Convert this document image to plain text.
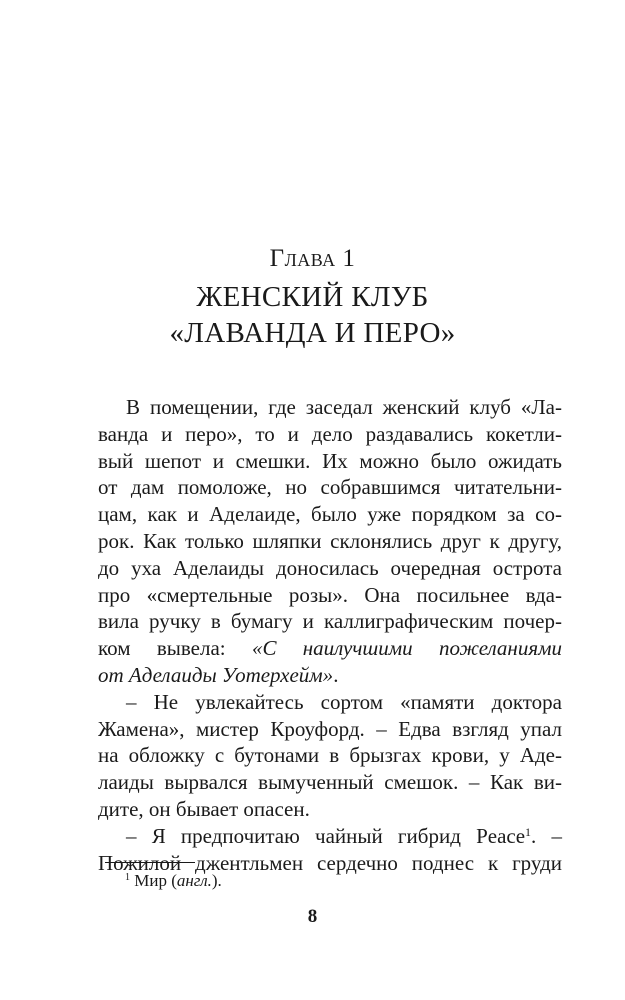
Глава 1
ЖЕНСКИЙ КЛУБ
«ЛАВАНДА И ПЕРО»
В помещении, где заседал женский клуб «Ла-
ванда и перо», то и дело раздавались кокетли-
вый шепот и смешки. Их можно было ожидать
от дам помоложе, но собравшимся читательни-
цам, как и Аделаиде, было уже порядком за со-
рок. Как только шляпки склонялись друг к другу,
до уха Аделаиды доносилась очередная острота
про «смертельные розы». Она посильнее вда-
вила ручку в бумагу и каллиграфическим почер-
ком вывела: «С наилучшими пожеланиями
от Аделаиды Уотерхейм».
– Не увлекайтесь сортом «памяти доктора
Жамена», мистер Кроуфорд. – Едва взгляд упал
на обложку с бутонами в брызгах крови, у Аде-
лаиды вырвался вымученный смешок. – Как ви-
дите, он бывает опасен.
– Я предпочитаю чайный гибрид Peace$^1$. –
Пожилой джентльмен сердечно поднес к груди
$^1$ Мир (англ.).
8
